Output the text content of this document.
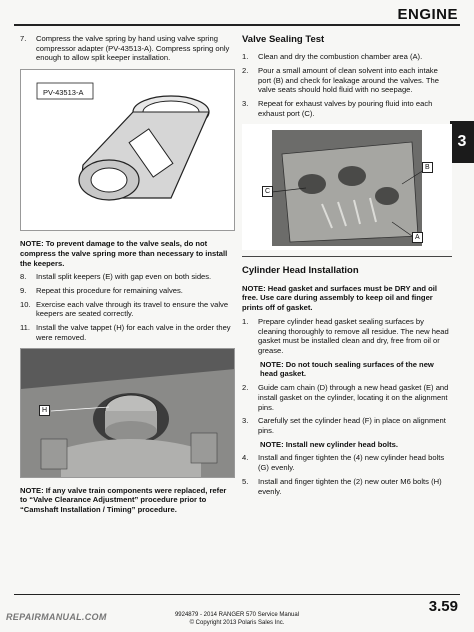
ENGINE
3
7.	Compress the valve spring by hand using valve spring compressor adapter (PV-43513-A). Compress spring only enough to allow split keeper installation.
PV-43513-A
NOTE: To prevent damage to the valve seals, do not compress the valve spring more than necessary to install the keepers.
8.	Install split keepers (E) with gap even on both sides.
9.	Repeat this procedure for remaining valves.
10. Exercise each valve through its travel to ensure the valve keepers are seated correctly.
11. Install the valve tappet (H) for each valve in the order they were removed.
H
NOTE: If any valve train components were replaced, refer to “Valve Clearance Adjustment” procedure prior to “Camshaft Installation / Timing” procedure.
Valve Sealing Test
1.	Clean and dry the combustion chamber area (A).
2.	Pour a small amount of clean solvent into each intake port (B) and check for leakage around the valves. The valve seats should hold fluid with no seepage.
3.	Repeat for exhaust valves by pouring fluid into each exhaust port (C).
B
C
A
Cylinder Head Installation
NOTE: Head gasket and surfaces must be DRY and oil free. Use care during assembly to keep oil and finger prints off of gasket.
1.	Prepare cylinder head gasket sealing surfaces by cleaning thoroughly to remove all residue. The new head gasket must be installed clean and dry, free from oil or grease.
NOTE: Do not touch sealing surfaces of the new head gasket.
2.	Guide cam chain (D) through a new head gasket (E) and install gasket on the cylinder, locating it on the alignment pins.
3.	Carefully set the cylinder head (F) in place on alignment pins.
NOTE: Install new cylinder head bolts.
4.	Install and finger tighten the (4) new cylinder head bolts (G) evenly.
5.	Install and finger tighten the (2) new outer M6 bolts (H) evenly.
3.59
9924879 - 2014 RANGER 570 Service Manual
© Copyright 2013 Polaris Sales Inc.
REPAIRMANUAL.COM
